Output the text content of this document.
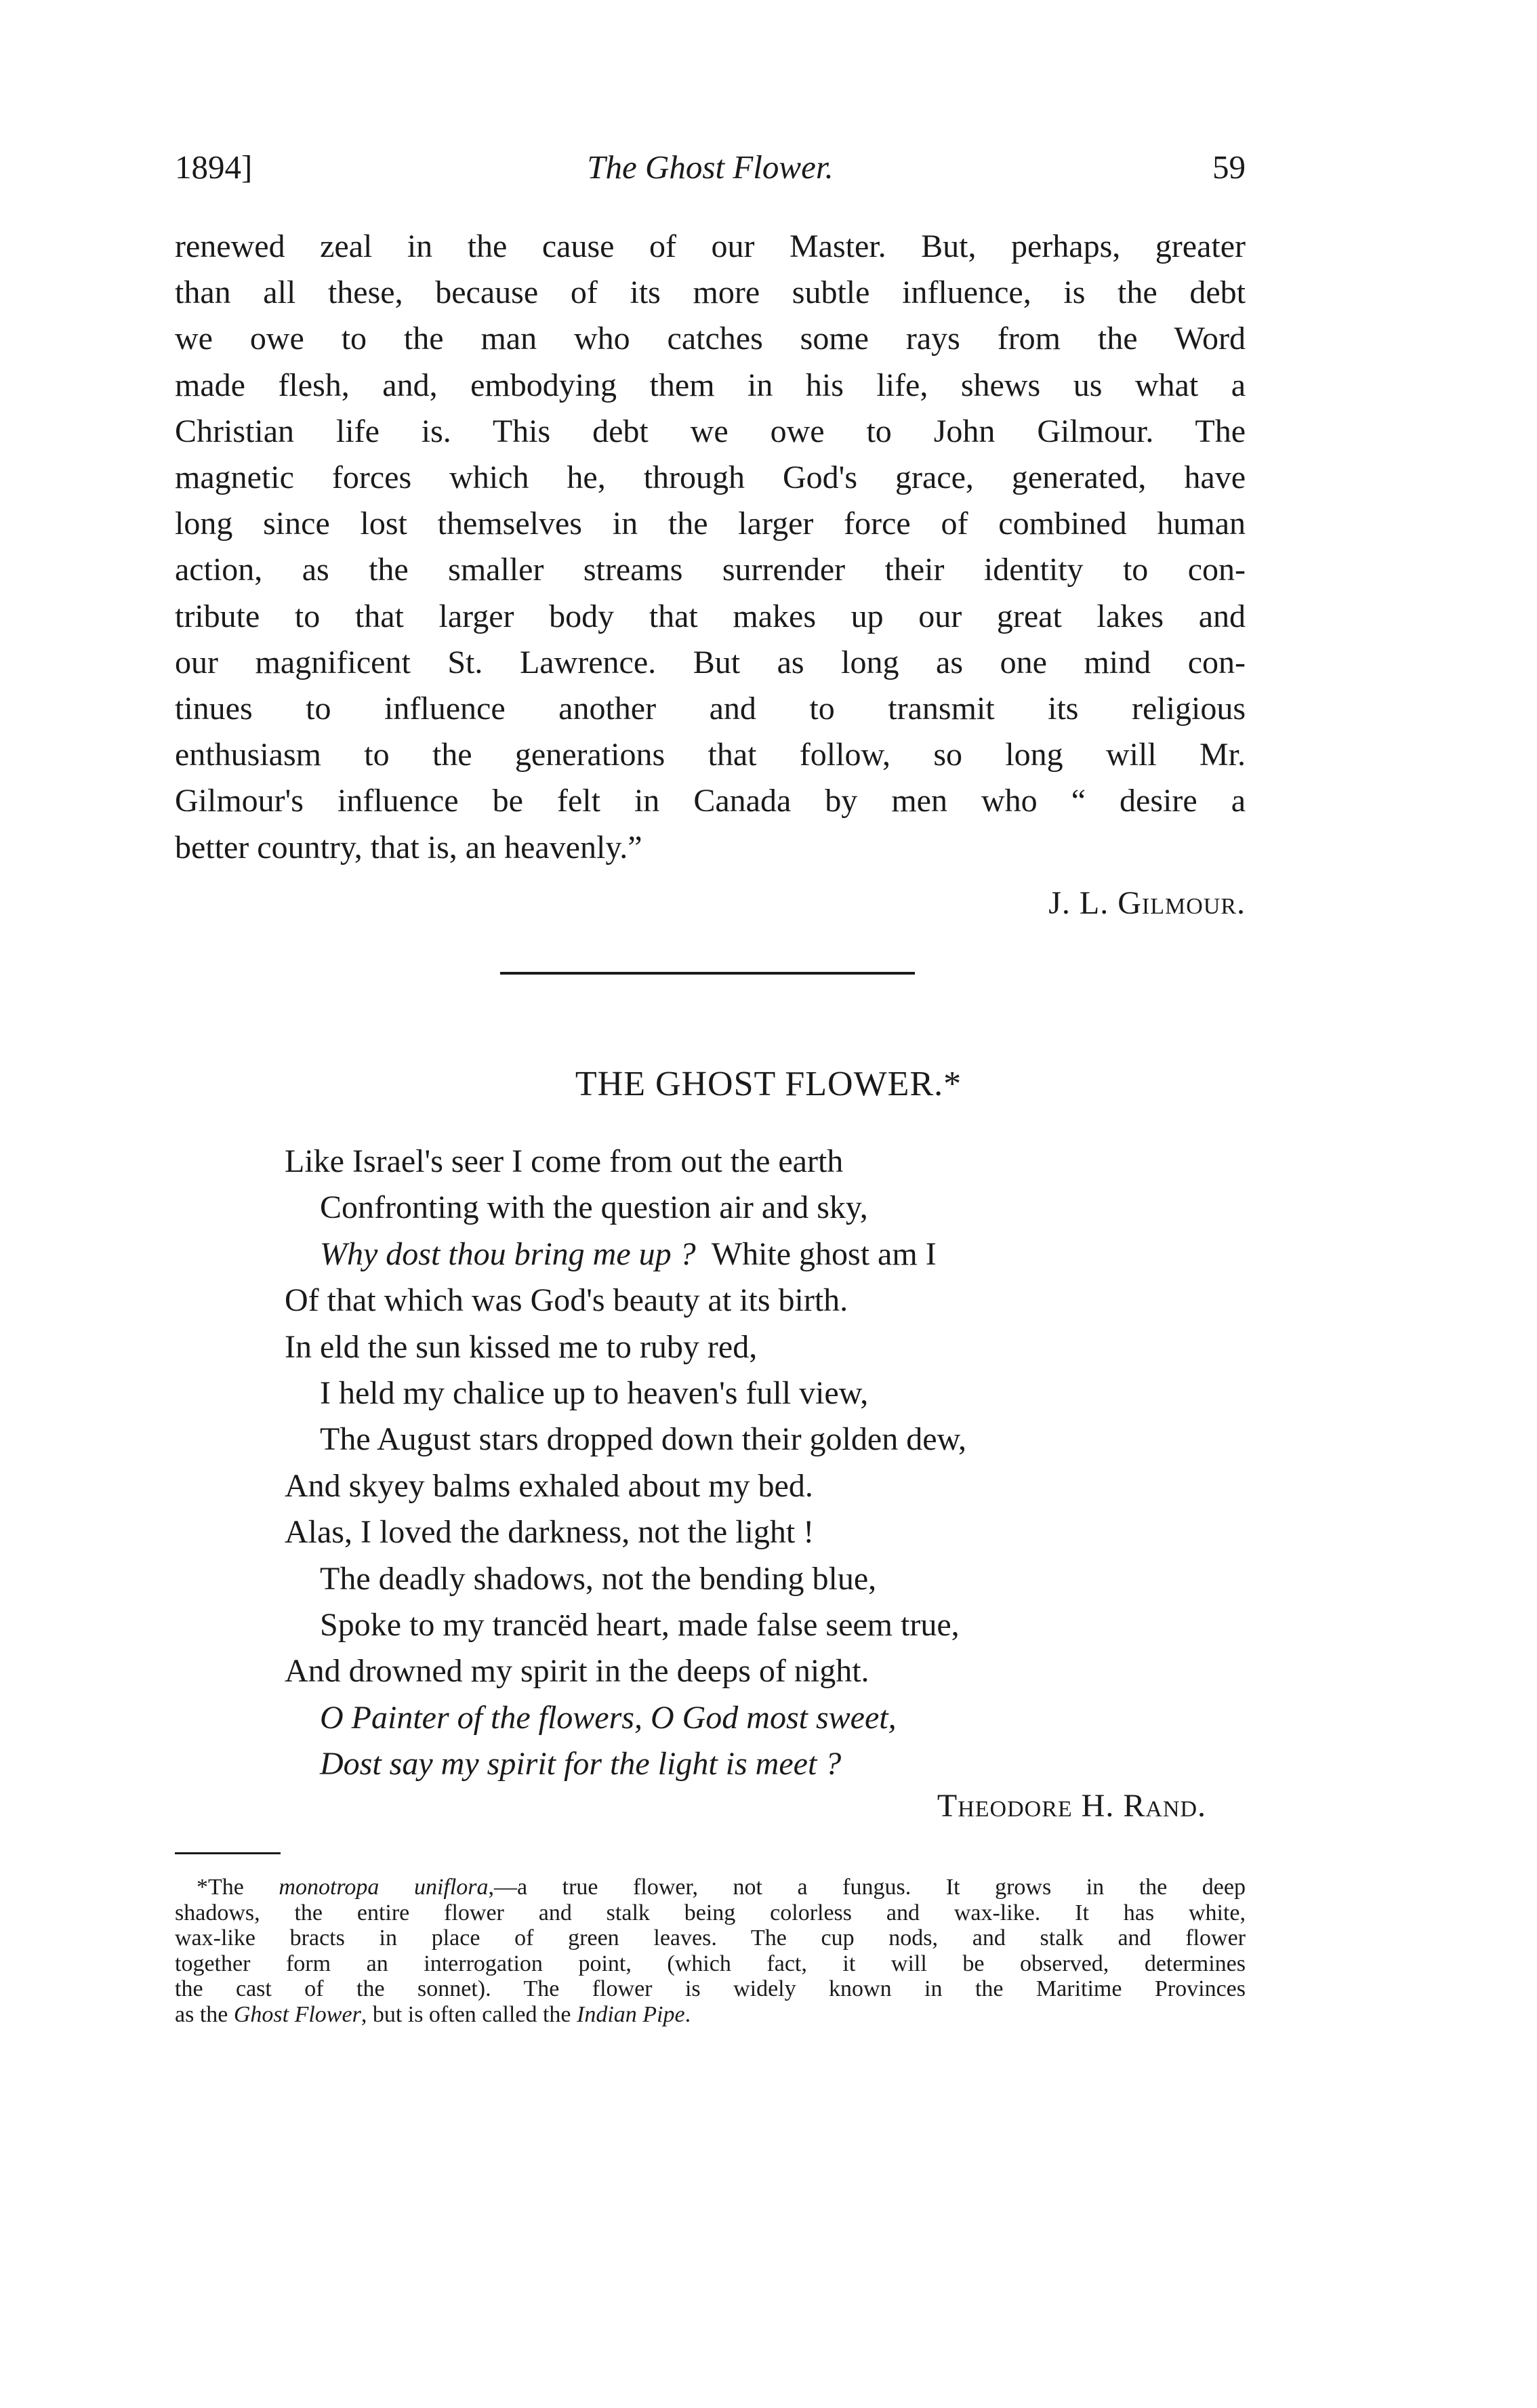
1894]	The Ghost Flower.	59
renewed zeal in the cause of our Master. But, perhaps, greater
than all these, because of its more subtle influence, is the debt
we owe to the man who catches some rays from the Word
made flesh, and, embodying them in his life, shews us what a
Christian life is. This debt we owe to John Gilmour. The
magnetic forces which he, through God's grace, generated, have
long since lost themselves in the larger force of combined human
action, as the smaller streams surrender their identity to con-
tribute to that larger body that makes up our great lakes and
our magnificent St. Lawrence. But as long as one mind con-
tinues to influence another and to transmit its religious
enthusiasm to the generations that follow, so long will Mr.
Gilmour's influence be felt in Canada by men who “ desire a
better country, that is, an heavenly.”
J. L. Gilmour.
THE GHOST FLOWER.*
Like Israel's seer I come from out the earth
Confronting with the question air and sky,
Why dost thou bring me up ?  White ghost am I
Of that which was God's beauty at its birth.
In eld the sun kissed me to ruby red,
I held my chalice up to heaven's full view,
The August stars dropped down their golden dew,
And skyey balms exhaled about my bed.
Alas, I loved the darkness, not the light !
The deadly shadows, not the bending blue,
Spoke to my trancëd heart, made false seem true,
And drowned my spirit in the deeps of night.
O Painter of the flowers, O God most sweet,
Dost say my spirit for the light is meet ?
Theodore H. Rand.
*The monotropa uniflora,—a true flower, not a fungus. It grows in the deep
shadows, the entire flower and stalk being colorless and wax-like. It has white,
wax-like bracts in place of green leaves. The cup nods, and stalk and flower
together form an interrogation point, (which fact, it will be observed, determines
the cast of the sonnet). The flower is widely known in the Maritime Provinces
as the Ghost Flower, but is often called the Indian Pipe.
